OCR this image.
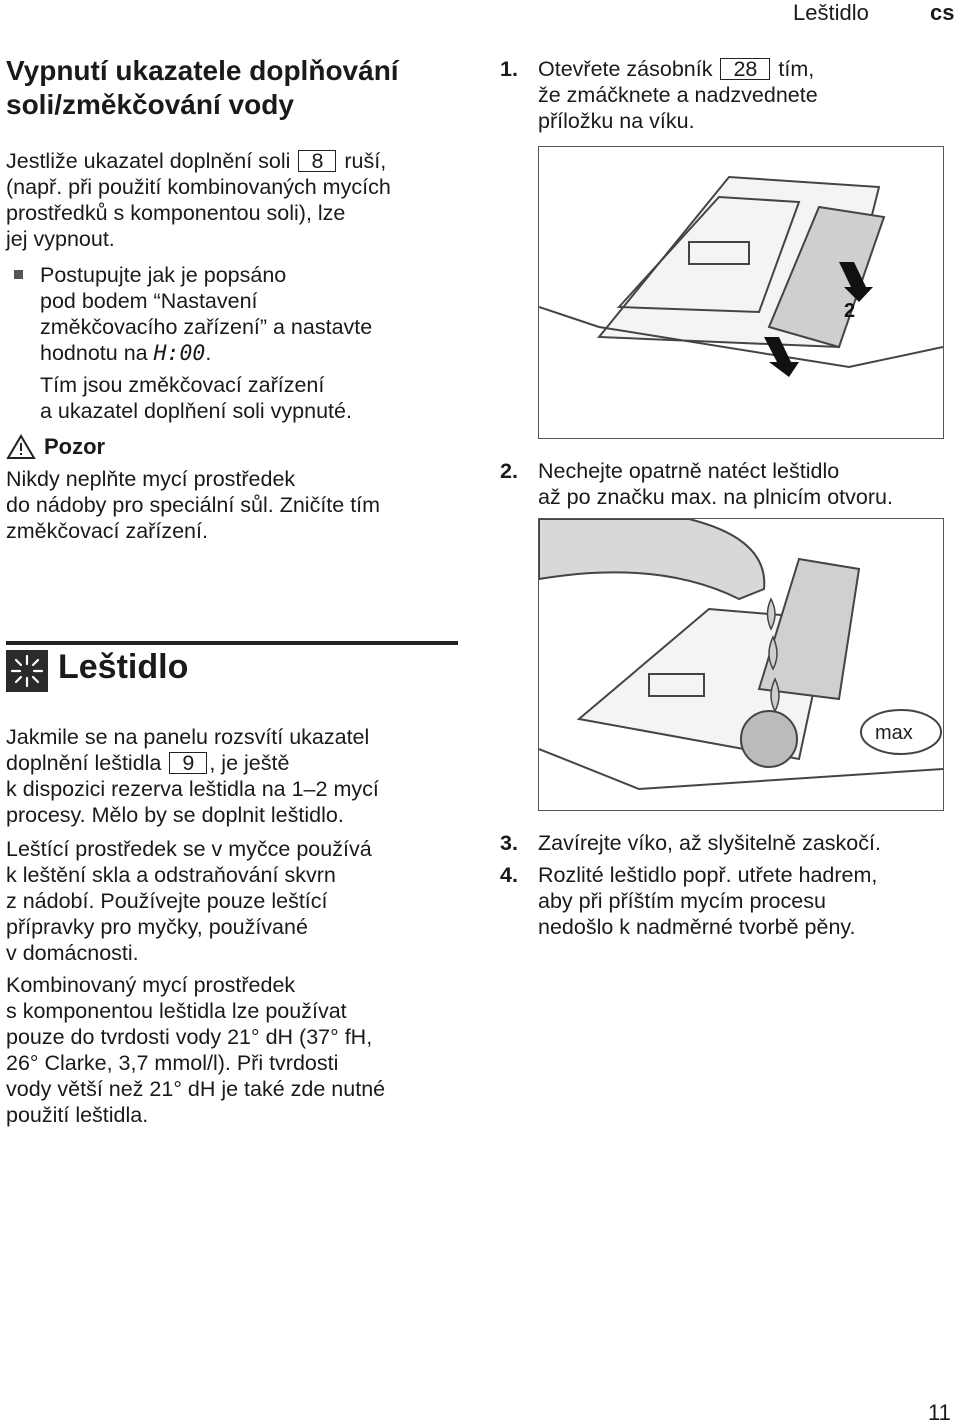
Leštidlo	cs
Vypnutí ukazatele doplňování
soli/změkčování vody
Jestliže ukazatel doplnění soli 8 ruší,
(např. při použití kombinovaných mycích
prostředků s komponentou soli), lze
jej vypnout.
Postupujte jak je popsáno
pod bodem “Nastavení
změkčovacího zařízení” a nastavte
hodnotu na H:00.
Tím jsou změkčovací zařízení
a ukazatel doplňení soli vypnuté.
Pozor
Nikdy neplňte mycí prostředek
do nádoby pro speciální sůl. Zničíte tím
změkčovací zařízení.
Leštidlo
Jakmile se na panelu rozsvítí ukazatel
doplnění leštidla 9 , je ještě
k dispozici rezerva leštidla na 1–2 mycí
procesy. Mělo by se doplnit leštidlo.
Leštící prostředek se v myčce používá
k leštění skla a odstraňování skvrn
z nádobí. Používejte pouze leštící
přípravky pro myčky, používané
v domácnosti.
Kombinovaný mycí prostředek
s komponentou leštidla lze používat
pouze do tvrdosti vody 21° dH (37° fH,
26° Clarke, 3,7 mmol/l). Při tvrdosti
vody větší než 21° dH je také zde nutné
použití leštidla.
1. Otevřete zásobník 28 tím,
že zmáčknete a nadzvednete
příložku na víku.
1
2
2. Nechejte opatrně natéct leštidlo
až po značku max. na plnicím otvoru.
max
3. Zavírejte víko, až slyšitelně zaskočí.
4. Rozlité leštidlo popř. utřete hadrem,
aby při příštím mycím procesu
nedošlo k nadměrné tvorbě pěny.
11
